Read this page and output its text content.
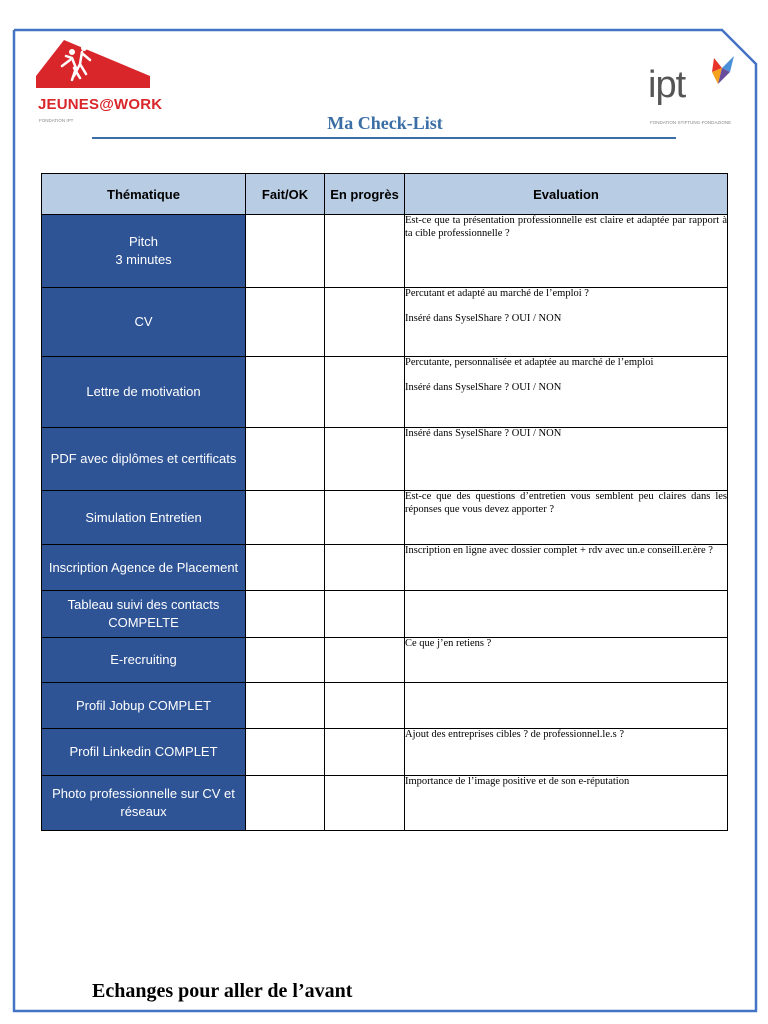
JEUNES@WORK
FONDATION IPT
ipt
FONDATION·STIFTUNG·FONDAZIONE
Ma Check-List
Thématique	Fait/OK	En progrès	Evaluation

Pitch
3 minutes			Est-ce que ta présentation professionnelle est claire et adaptée par rapport à ta cible professionnelle ?

CV			Percutant et adapté au marché de l’emploi ?
Inséré dans SyselShare ? OUI / NON

Lettre de motivation			Percutante, personnalisée et adaptée au marché de l’emploi
Inséré dans SyselShare ? OUI / NON

PDF avec diplômes et certificats			Inséré dans SyselShare ? OUI / NON

Simulation Entretien			Est-ce que des questions d’entretien vous semblent peu claires dans les réponses que vous devez apporter ?

Inscription Agence de Placement			Inscription en ligne avec dossier complet + rdv avec un.e conseill.er.ère ?

Tableau suivi des contacts COMPELTE			

E-recruiting			Ce que j’en retiens ?

Profil Jobup COMPLET			

Profil Linkedin COMPLET			Ajout des entreprises cibles ? de professionnel.le.s ?

Photo professionnelle sur CV et réseaux			Importance de l’image positive et de son e-réputation
Echanges pour aller de l’avant
